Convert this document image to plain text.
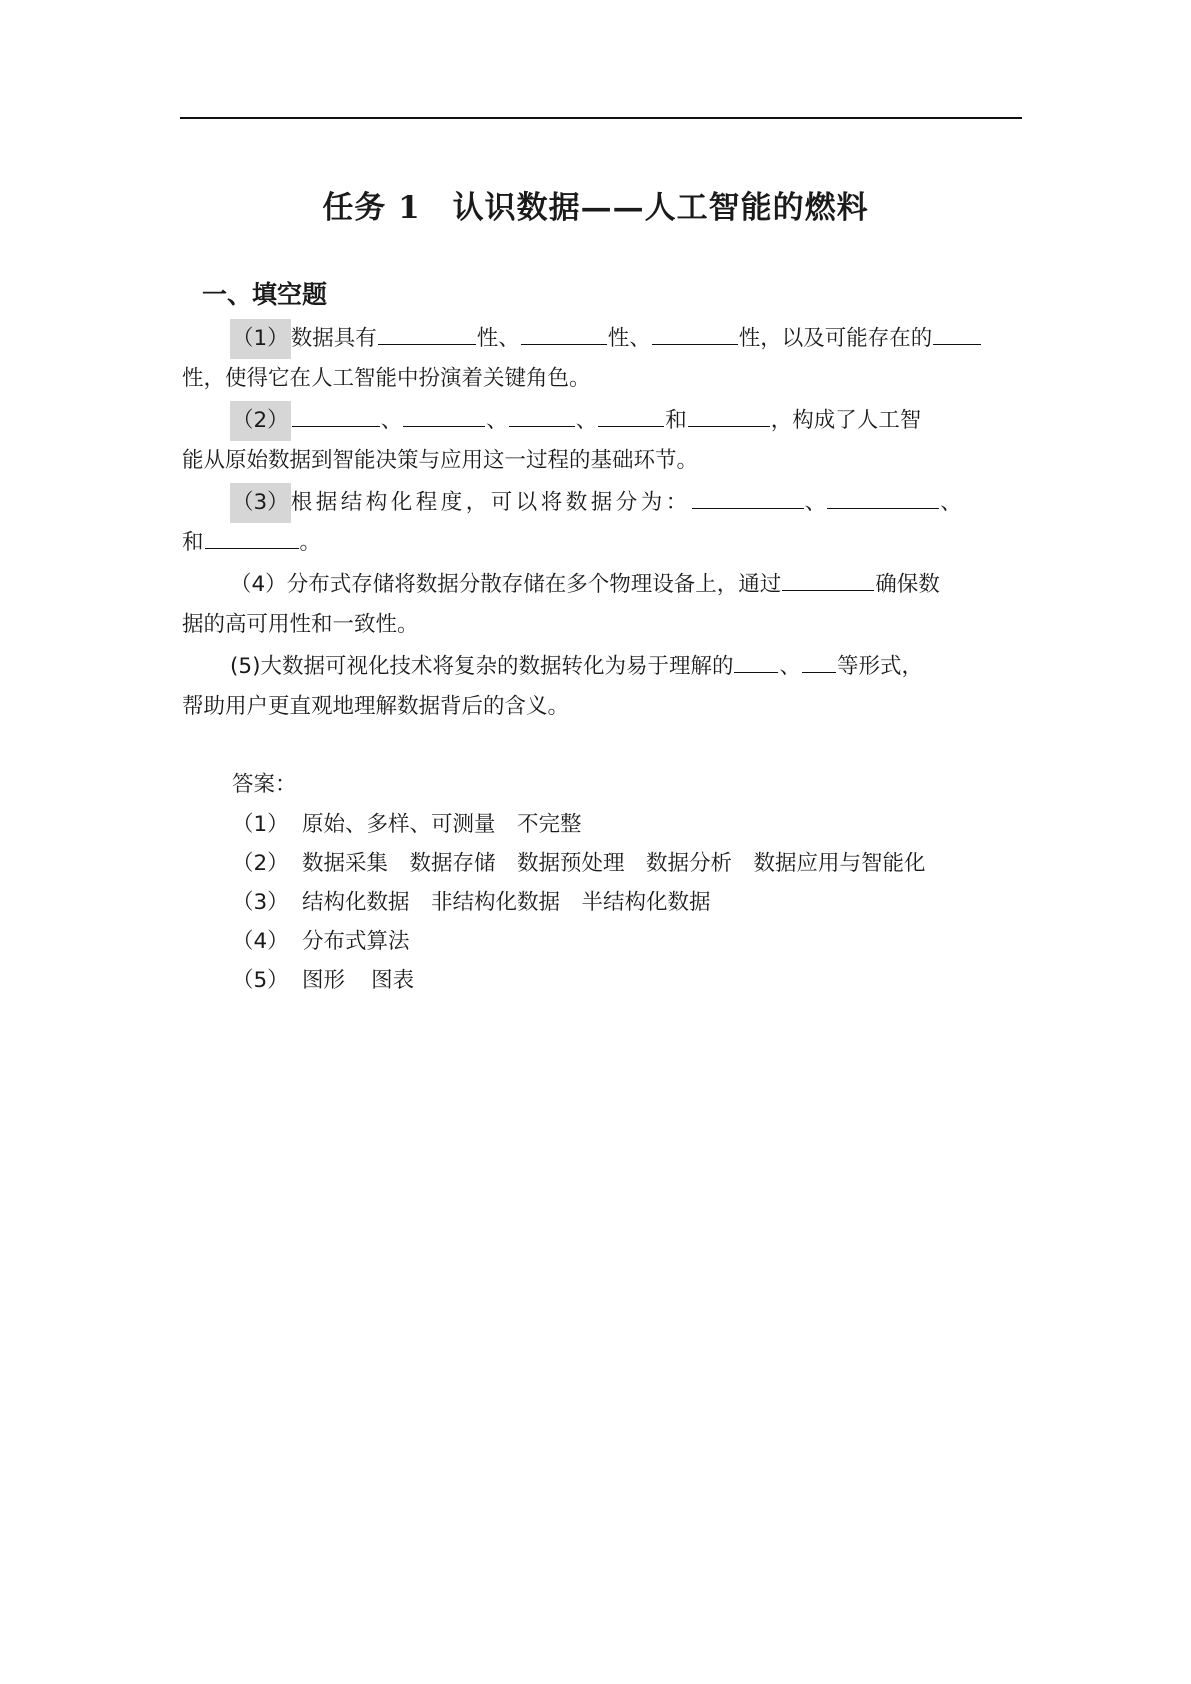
任务 1　认识数据——人工智能的燃料
一、填空题
（1）数据具有	性、	性、	性，以及可能存在的
性，使得它在人工智能中扮演着关键角色。
（2）	、	、	、	和	，构成了人工智
能从原始数据到智能决策与应用这一过程的基础环节。
（3）根据结构化程度，可以将数据分为：	、	、
和	。
（4）分布式存储将数据分散存储在多个物理设备上，通过	确保数
据的高可用性和一致性。
(5)大数据可视化技术将复杂的数据转化为易于理解的 、 等形式，
帮助用户更直观地理解数据背后的含义。
答案：
（1） 原始、多样、可测量　不完整
（2） 数据采集　数据存储　数据预处理　数据分析　数据应用与智能化
（3） 结构化数据　非结构化数据　半结构化数据
（4） 分布式算法
（5） 图形 图表
